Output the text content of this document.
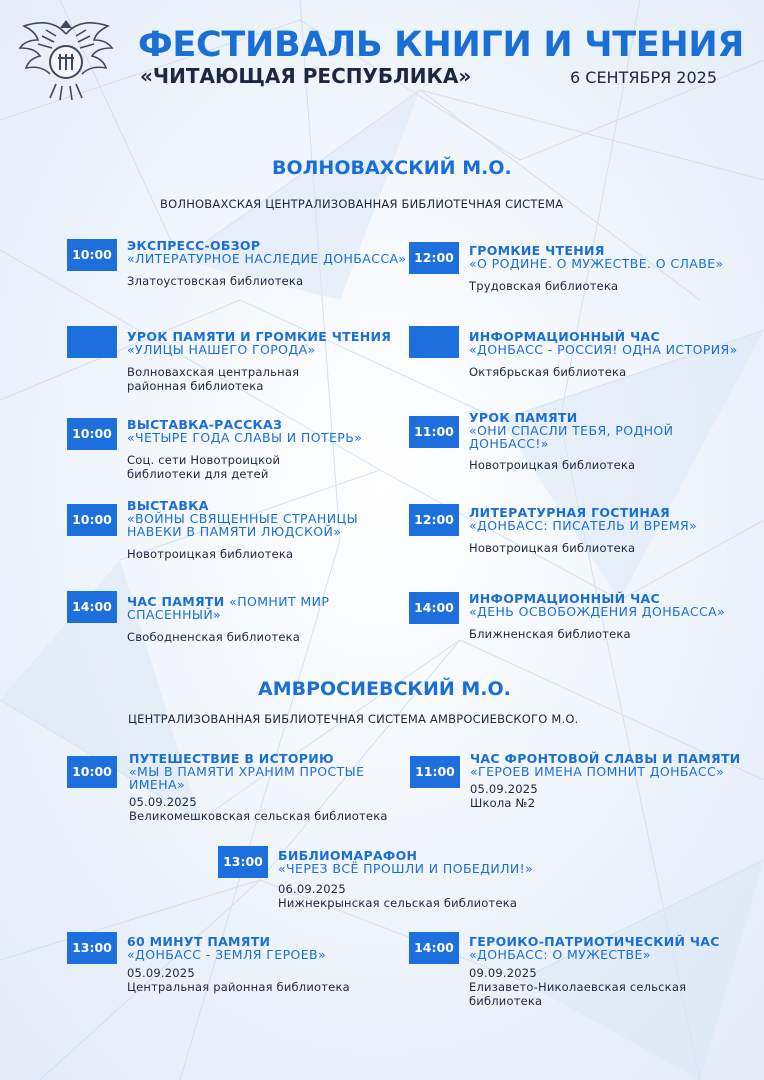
ФЕСТИВАЛЬ КНИГИ И ЧТЕНИЯ
«ЧИТАЮЩАЯ РЕСПУБЛИКА»	6 СЕНТЯБРЯ 2025
ВОЛНОВАХСКИЙ М.О.
ВОЛНОВАХСКАЯ ЦЕНТРАЛИЗОВАННАЯ БИБЛИОТЕЧНАЯ СИСТЕМА
10:00
ЭКСПРЕСС-ОБЗОР
«ЛИТЕРАТУРНОЕ НАСЛЕДИЕ ДОНБАССА»
Златоустовская библиотека
12:00	ГРОМКИЕ ЧТЕНИЯ
«О РОДИНЕ. О МУЖЕСТВЕ. О СЛАВЕ»
Трудовская библиотека
УРОК ПАМЯТИ И ГРОМКИЕ ЧТЕНИЯ
«УЛИЦЫ НАШЕГО ГОРОДА»
Волновахская центральная районная библиотека
ИНФОРМАЦИОННЫЙ ЧАС
«ДОНБАСС - РОССИЯ! ОДНА ИСТОРИЯ»
Октябрьская библиотека
10:00
ВЫСТАВКА-РАССКАЗ
«ЧЕТЫРЕ ГОДА СЛАВЫ И ПОТЕРЬ»
Соц. сети Новотроицкой библиотеки для детей
11:00
УРОК ПАМЯТИ
«ОНИ СПАСЛИ ТЕБЯ, РОДНОЙ ДОНБАСС!»
Новотроицкая библиотека
10:00
ВЫСТАВКА
«ВОЙНЫ СВЯЩЕННЫЕ СТРАНИЦЫ НАВЕКИ В ПАМЯТИ ЛЮДСКОЙ»
Новотроицкая библиотека
12:00	ЛИТЕРАТУРНАЯ ГОСТИНАЯ
«ДОНБАСС: ПИСАТЕЛЬ И ВРЕМЯ»
Новотроицкая библиотека
14:00	ЧАС ПАМЯТИ «ПОМНИТ МИР СПАСЕННЫЙ»
Свободненская библиотека
14:00
ИНФОРМАЦИОННЫЙ ЧАС
«ДЕНЬ ОСВОБОЖДЕНИЯ ДОНБАССА»
Ближненская библиотека
АМВРОСИЕВСКИЙ М.О.
ЦЕНТРАЛИЗОВАННАЯ БИБЛИОТЕЧНАЯ СИСТЕМА АМВРОСИЕВСКОГО М.О.
10:00
ПУТЕШЕСТВИЕ В ИСТОРИЮ
«МЫ В ПАМЯТИ ХРАНИМ ПРОСТЫЕ ИМЕНА»
05.09.2025
Великомешковская сельская библиотека
11:00
ЧАС ФРОНТОВОЙ СЛАВЫ И ПАМЯТИ «ГЕРОЕВ ИМЕНА ПОМНИТ ДОНБАСС»
05.09.2025
Школа №2
13:00	БИБЛИОМАРАФОН
«ЧЕРЕЗ ВСЁ ПРОШЛИ И ПОБЕДИЛИ!»
06.09.2025
Нижнекрынская сельская библиотека
13:00	60 МИНУТ ПАМЯТИ
«ДОНБАСС - ЗЕМЛЯ ГЕРОЕВ»
05.09.2025
Центральная районная библиотека
14:00	ГЕРОИКО-ПАТРИОТИЧЕСКИЙ ЧАС
«ДОНБАСС: О МУЖЕСТВЕ»
09.09.2025
Елизавето-Николаевская сельская библиотека
